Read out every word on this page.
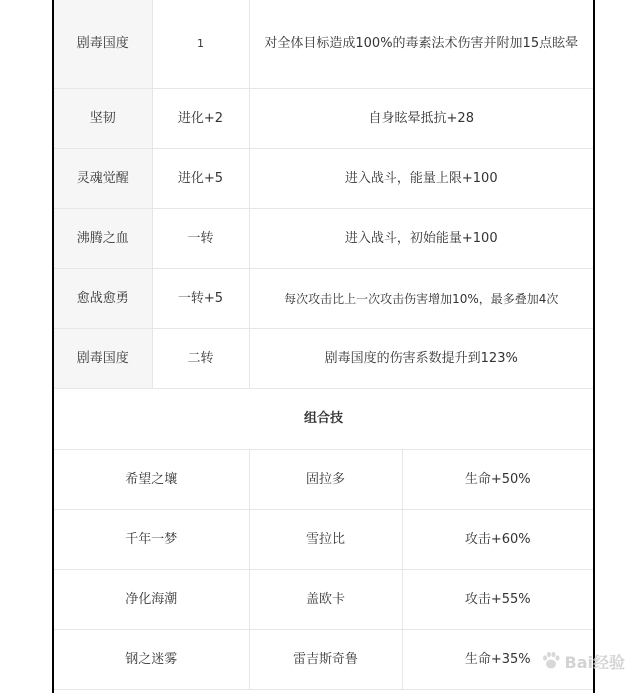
剧毒国度	1	对全体目标造成100%的毒素法术伤害并附加15点眩晕
坚韧	进化+2	自身眩晕抵抗+28
灵魂觉醒	进化+5	进入战斗，能量上限+100
沸腾之血	一转	进入战斗，初始能量+100
愈战愈勇	一转+5	每次攻击比上一次攻击伤害增加10%，最多叠加4次
剧毒国度	二转	剧毒国度的伤害系数提升到123%
组合技		
希望之壤	固拉多	生命+50%
千年一梦	雪拉比	攻击+60%
净化海潮	盖欧卡	攻击+55%
钢之迷雾	雷吉斯奇鲁	生命+35% Bai经验
